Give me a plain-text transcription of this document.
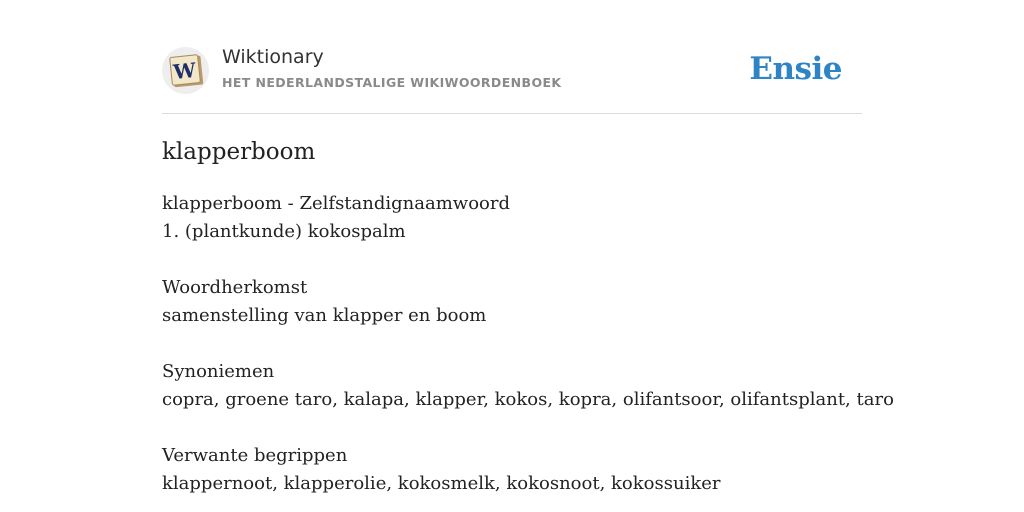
W
Wiktionary
HET NEDERLANDSTALIGE WIKIWOORDENBOEK	Ensie
klapperboom
klapperboom - Zelfstandignaamwoord
1. (plantkunde) kokospalm
Woordherkomst
samenstelling van klapper en boom
Synoniemen
copra, groene taro, kalapa, klapper, kokos, kopra, olifantsoor, olifantsplant, taro
Verwante begrippen
klappernoot, klapperolie, kokosmelk, kokosnoot, kokossuiker
